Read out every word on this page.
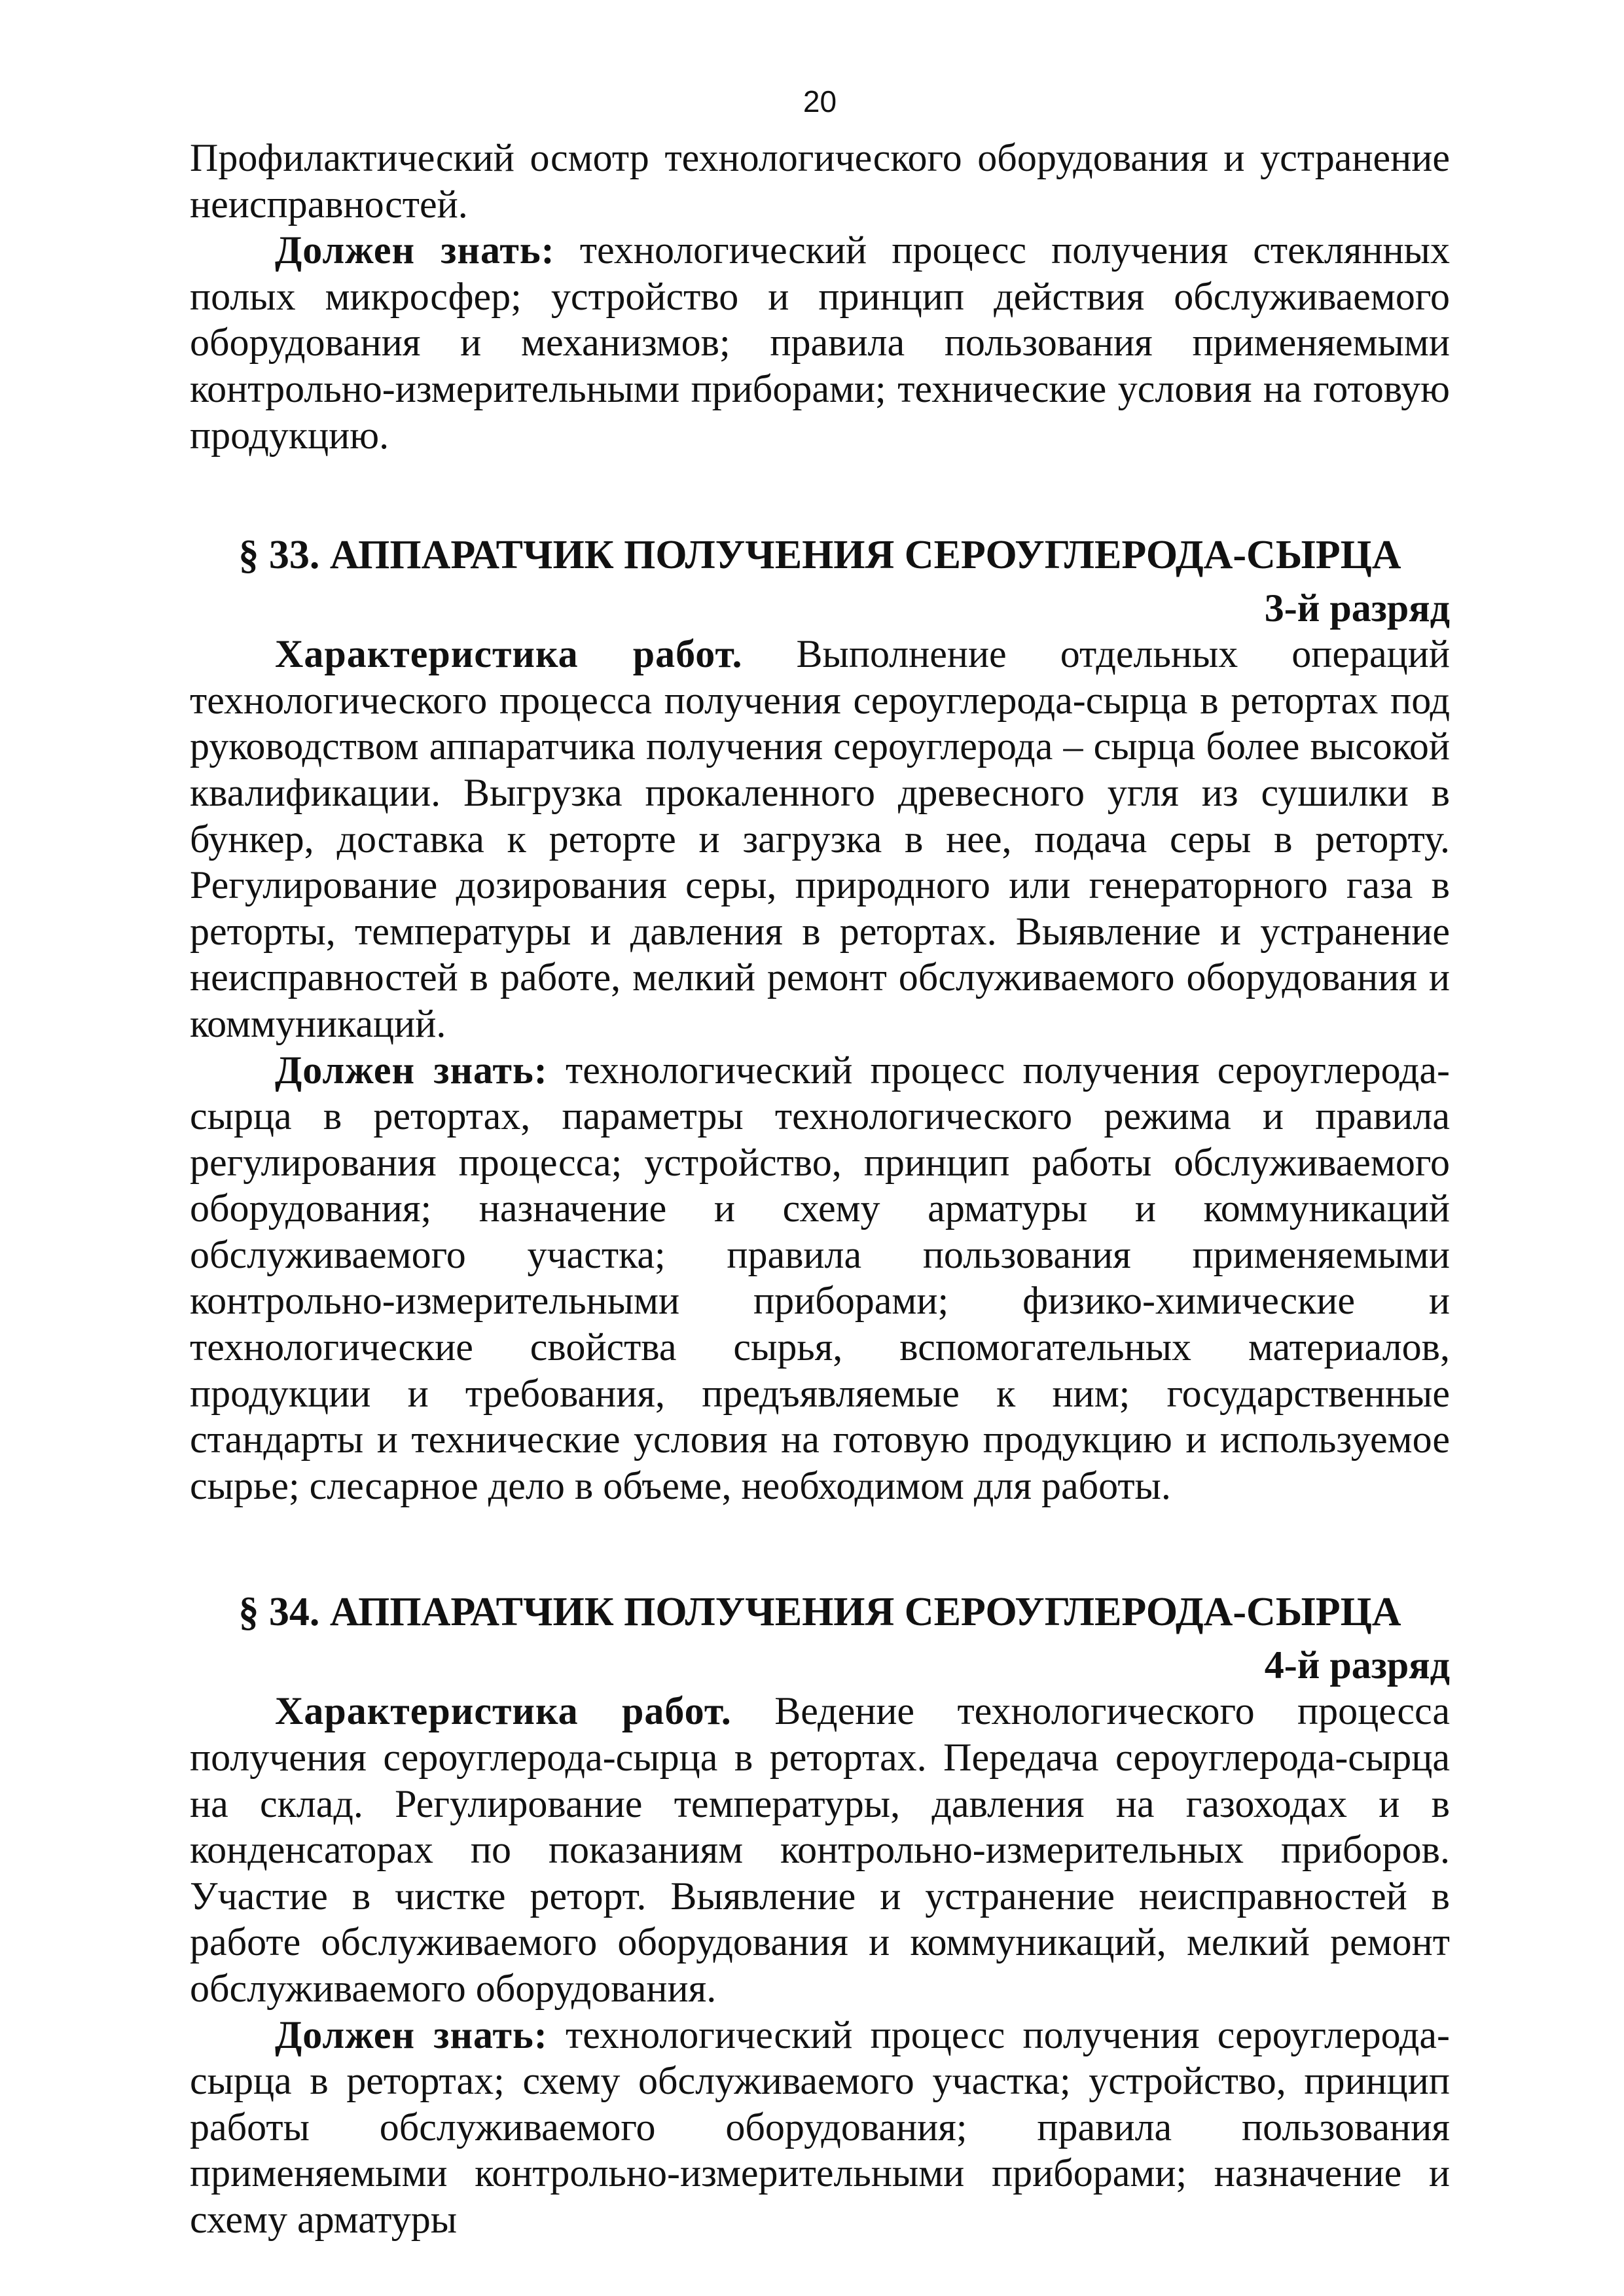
20

Профилактический осмотр технологического оборудования и устранение неисправностей.

Должен знать: технологический процесс получения стеклянных полых микросфер; устройство и принцип действия обслуживаемого оборудования и механизмов; правила пользования применяемыми контрольно-измерительными приборами; технические условия на готовую продукцию.

§ 33. АППАРАТЧИК ПОЛУЧЕНИЯ СЕРОУГЛЕРОДА-СЫРЦА
3-й разряд

Характеристика работ. Выполнение отдельных операций технологического процесса получения сероуглерода-сырца в ретортах под руководством аппаратчика получения сероуглерода – сырца более высокой квалификации. Выгрузка прокаленного древесного угля из сушилки в бункер, доставка к реторте и загрузка в нее, подача серы в реторту. Регулирование дозирования серы, природного или генераторного газа в реторты, температуры и давления в ретортах. Выявление и устранение неисправностей в работе, мелкий ремонт обслуживаемого оборудования и коммуникаций.

Должен знать: технологический процесс получения сероуглерода-сырца в ретортах, параметры технологического режима и правила регулирования процесса; устройство, принцип работы обслуживаемого оборудования; назначение и схему арматуры и коммуникаций обслуживаемого участка; правила пользования применяемыми контрольно-измерительными приборами; физико-химические и технологические свойства сырья, вспомогательных материалов, продукции и требования, предъявляемые к ним; государственные стандарты и технические условия на готовую продукцию и используемое сырье; слесарное дело в объеме, необходимом для работы.

§ 34. АППАРАТЧИК ПОЛУЧЕНИЯ СЕРОУГЛЕРОДА-СЫРЦА
4-й разряд

Характеристика работ. Ведение технологического процесса получения сероуглерода-сырца в ретортах. Передача сероуглерода-сырца на склад. Регулирование температуры, давления на газоходах и в конденсаторах по показаниям контрольно-измерительных приборов. Участие в чистке реторт. Выявление и устранение неисправностей в работе обслуживаемого оборудования и коммуникаций, мелкий ремонт обслуживаемого оборудования.

Должен знать: технологический процесс получения сероуглерода-сырца в ретортах; схему обслуживаемого участка; устройство, принцип работы обслуживаемого оборудования; правила пользования применяемыми контрольно-измерительными приборами; назначение и схему арматуры
